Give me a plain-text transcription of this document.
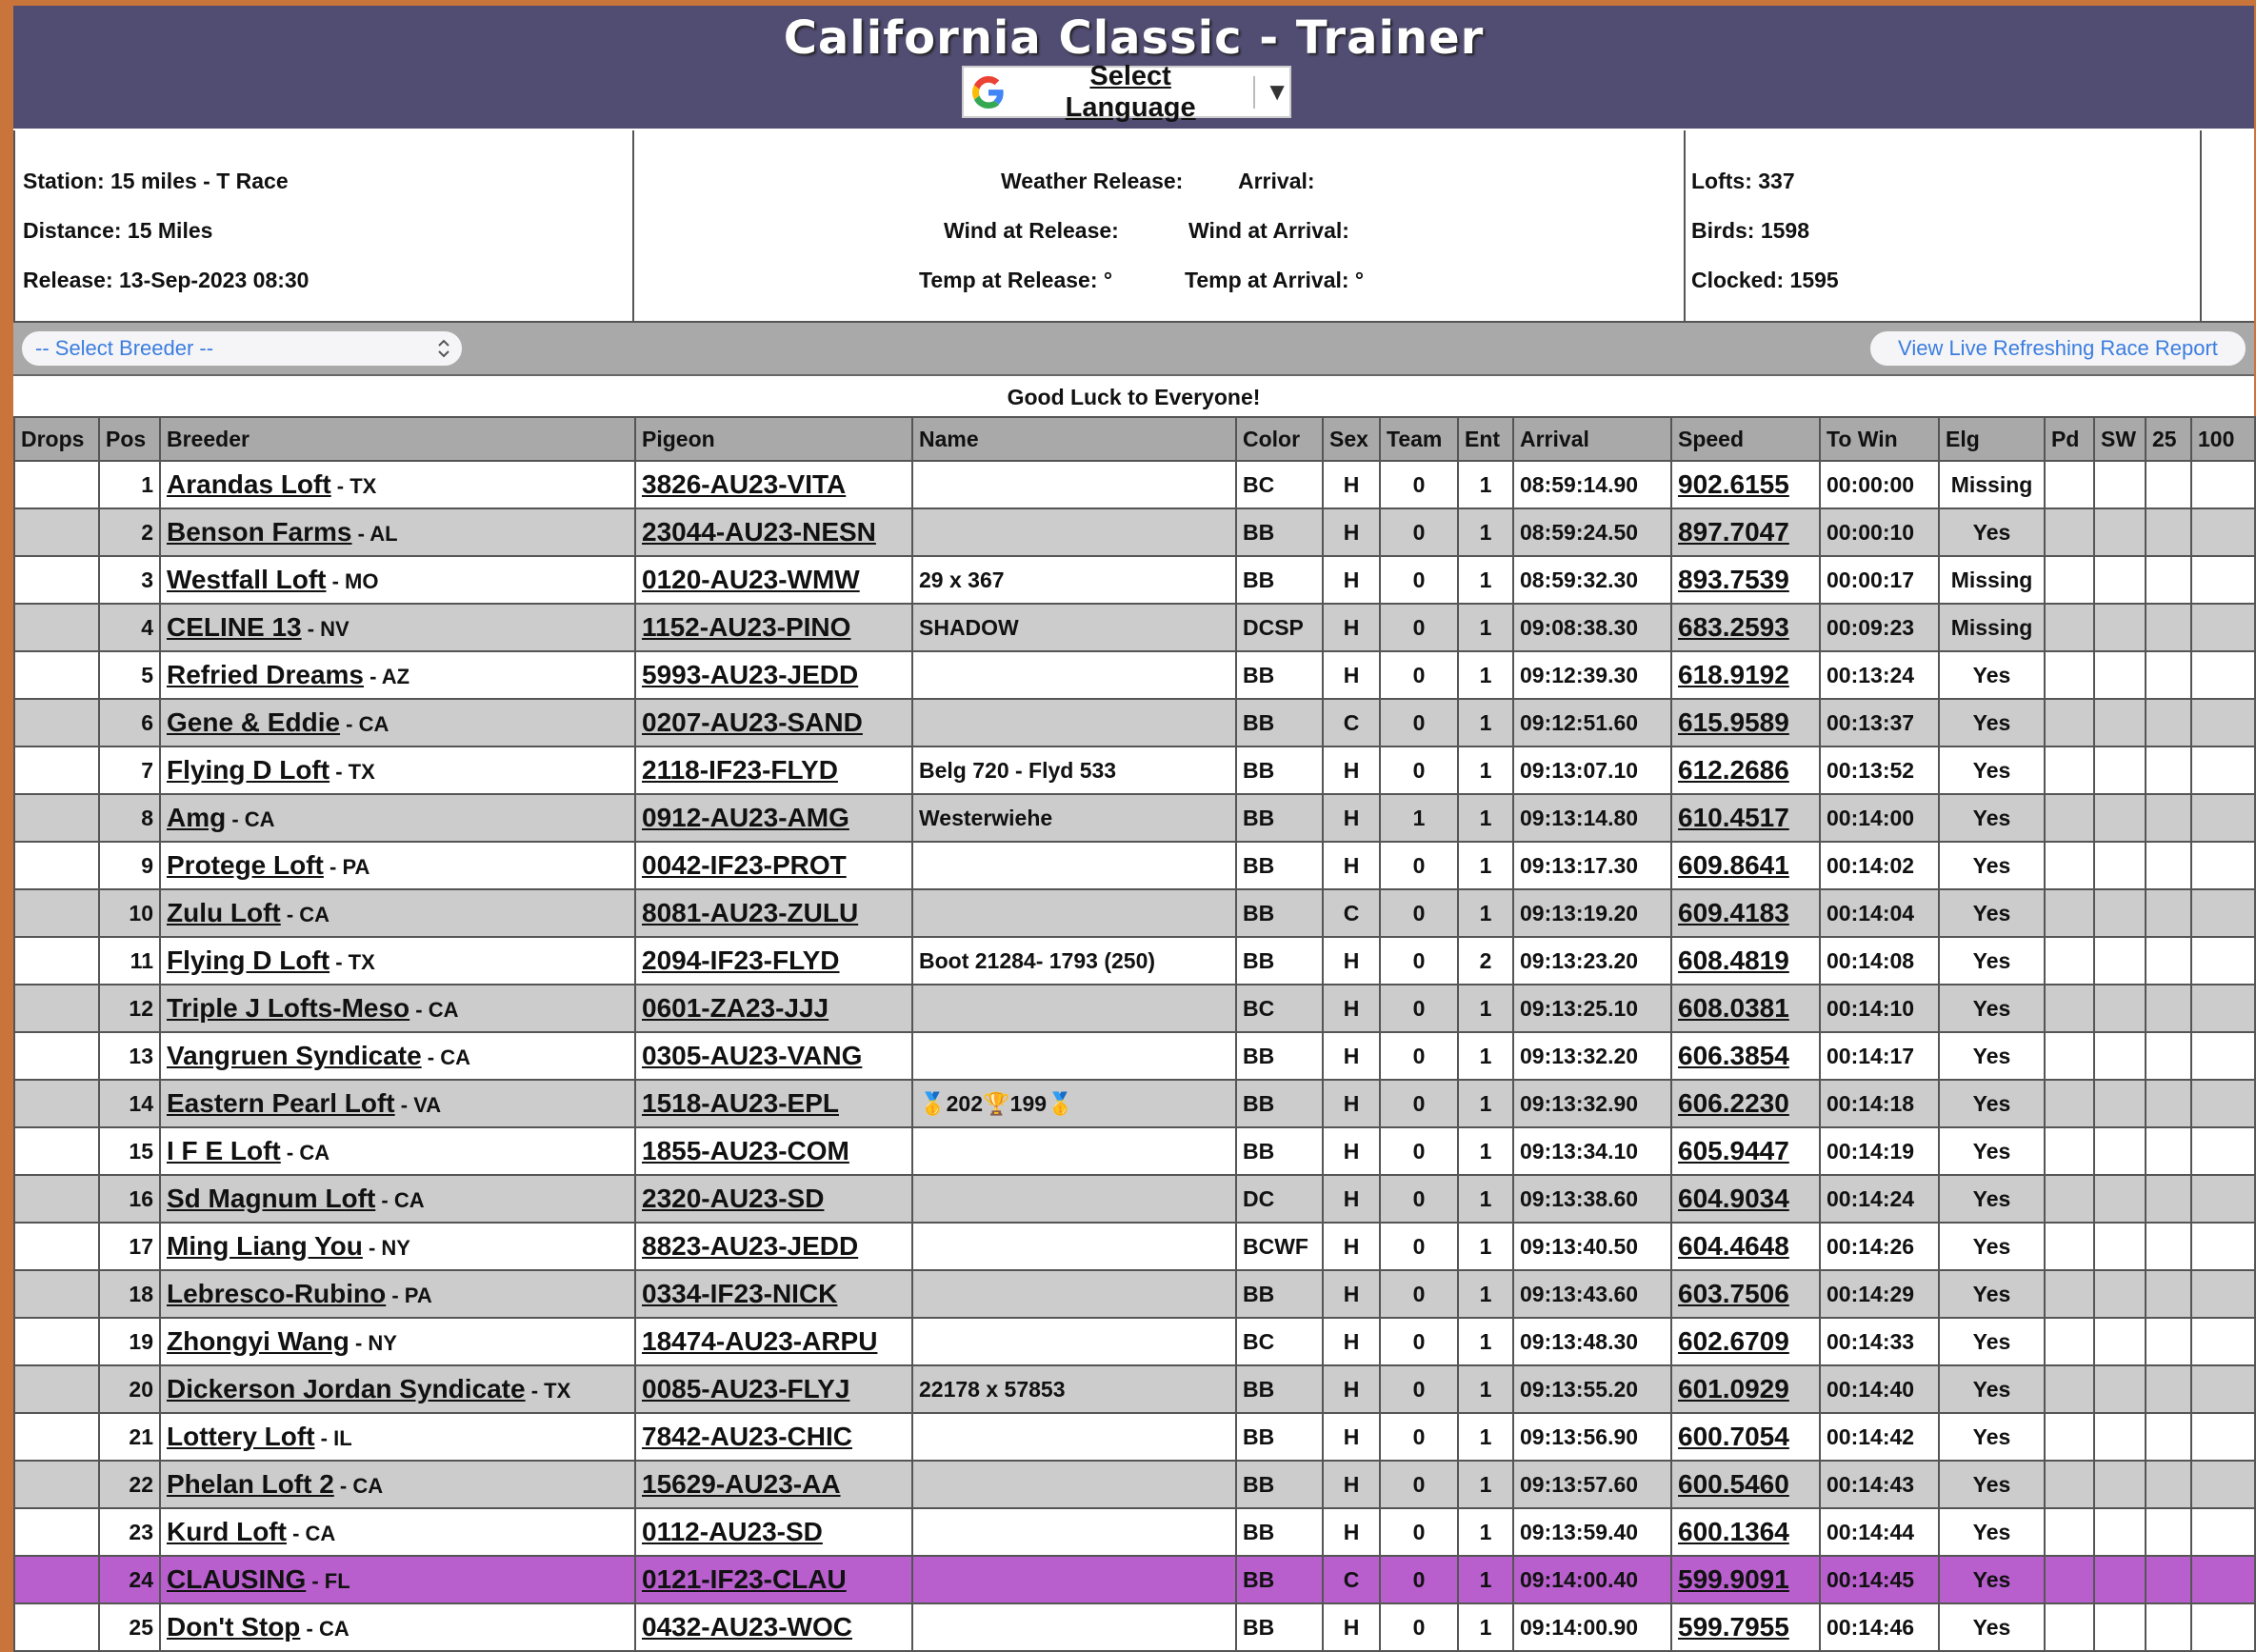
California Classic - Trainer
Select Language
▼
Station: 15 miles - T Race
Distance: 15 Miles
Release: 13-Sep-2023 08:30
Weather Release:	Arrival:
Wind at Release:	Wind at Arrival:
Temp at Release: °	Temp at Arrival: °
Lofts: 337
Birds: 1598
Clocked: 1595
-- Select Breeder --	View Live Refreshing Race Report
Good Luck to Everyone!
Drops	Pos	Breeder	Pigeon	Name	Color	Sex	Team	Ent	Arrival	Speed	To Win	Elg	Pd	SW	25	100
	1	Arandas Loft - TX	3826-AU23-VITA		BC	H	0	1	08:59:14.90	902.6155	00:00:00	Missing				
	2	Benson Farms - AL	23044-AU23-NESN		BB	H	0	1	08:59:24.50	897.7047	00:00:10	Yes				
	3	Westfall Loft - MO	0120-AU23-WMW	29 x 367	BB	H	0	1	08:59:32.30	893.7539	00:00:17	Missing				
	4	CELINE 13 - NV	1152-AU23-PINO	SHADOW	DCSP	H	0	1	09:08:38.30	683.2593	00:09:23	Missing				
	5	Refried Dreams - AZ	5993-AU23-JEDD		BB	H	0	1	09:12:39.30	618.9192	00:13:24	Yes				
	6	Gene & Eddie - CA	0207-AU23-SAND		BB	C	0	1	09:12:51.60	615.9589	00:13:37	Yes				
	7	Flying D Loft - TX	2118-IF23-FLYD	Belg 720 - Flyd 533	BB	H	0	1	09:13:07.10	612.2686	00:13:52	Yes				
	8	Amg - CA	0912-AU23-AMG	Westerwiehe	BB	H	1	1	09:13:14.80	610.4517	00:14:00	Yes				
	9	Protege Loft - PA	0042-IF23-PROT		BB	H	0	1	09:13:17.30	609.8641	00:14:02	Yes				
	10	Zulu Loft - CA	8081-AU23-ZULU		BB	C	0	1	09:13:19.20	609.4183	00:14:04	Yes				
	11	Flying D Loft - TX	2094-IF23-FLYD	Boot 21284- 1793 (250)	BB	H	0	2	09:13:23.20	608.4819	00:14:08	Yes				
	12	Triple J Lofts-Meso - CA	0601-ZA23-JJJ		BC	H	0	1	09:13:25.10	608.0381	00:14:10	Yes				
	13	Vangruen Syndicate - CA	0305-AU23-VANG		BB	H	0	1	09:13:32.20	606.3854	00:14:17	Yes				
	14	Eastern Pearl Loft - VA	1518-AU23-EPL	🥇202🏆199🥇	BB	H	0	1	09:13:32.90	606.2230	00:14:18	Yes				
	15	I F E Loft - CA	1855-AU23-COM		BB	H	0	1	09:13:34.10	605.9447	00:14:19	Yes				
	16	Sd Magnum Loft - CA	2320-AU23-SD		DC	H	0	1	09:13:38.60	604.9034	00:14:24	Yes				
	17	Ming Liang You - NY	8823-AU23-JEDD		BCWF	H	0	1	09:13:40.50	604.4648	00:14:26	Yes				
	18	Lebresco-Rubino - PA	0334-IF23-NICK		BB	H	0	1	09:13:43.60	603.7506	00:14:29	Yes				
	19	Zhongyi Wang - NY	18474-AU23-ARPU		BC	H	0	1	09:13:48.30	602.6709	00:14:33	Yes				
	20	Dickerson Jordan Syndicate - TX	0085-AU23-FLYJ	22178 x 57853	BB	H	0	1	09:13:55.20	601.0929	00:14:40	Yes				
	21	Lottery Loft - IL	7842-AU23-CHIC		BB	H	0	1	09:13:56.90	600.7054	00:14:42	Yes				
	22	Phelan Loft 2 - CA	15629-AU23-AA		BB	H	0	1	09:13:57.60	600.5460	00:14:43	Yes				
	23	Kurd Loft - CA	0112-AU23-SD		BB	H	0	1	09:13:59.40	600.1364	00:14:44	Yes				
	24	CLAUSING - FL	0121-IF23-CLAU		BB	C	0	1	09:14:00.40	599.9091	00:14:45	Yes				
	25	Don't Stop - CA	0432-AU23-WOC		BB	H	0	1	09:14:00.90	599.7955	00:14:46	Yes				
